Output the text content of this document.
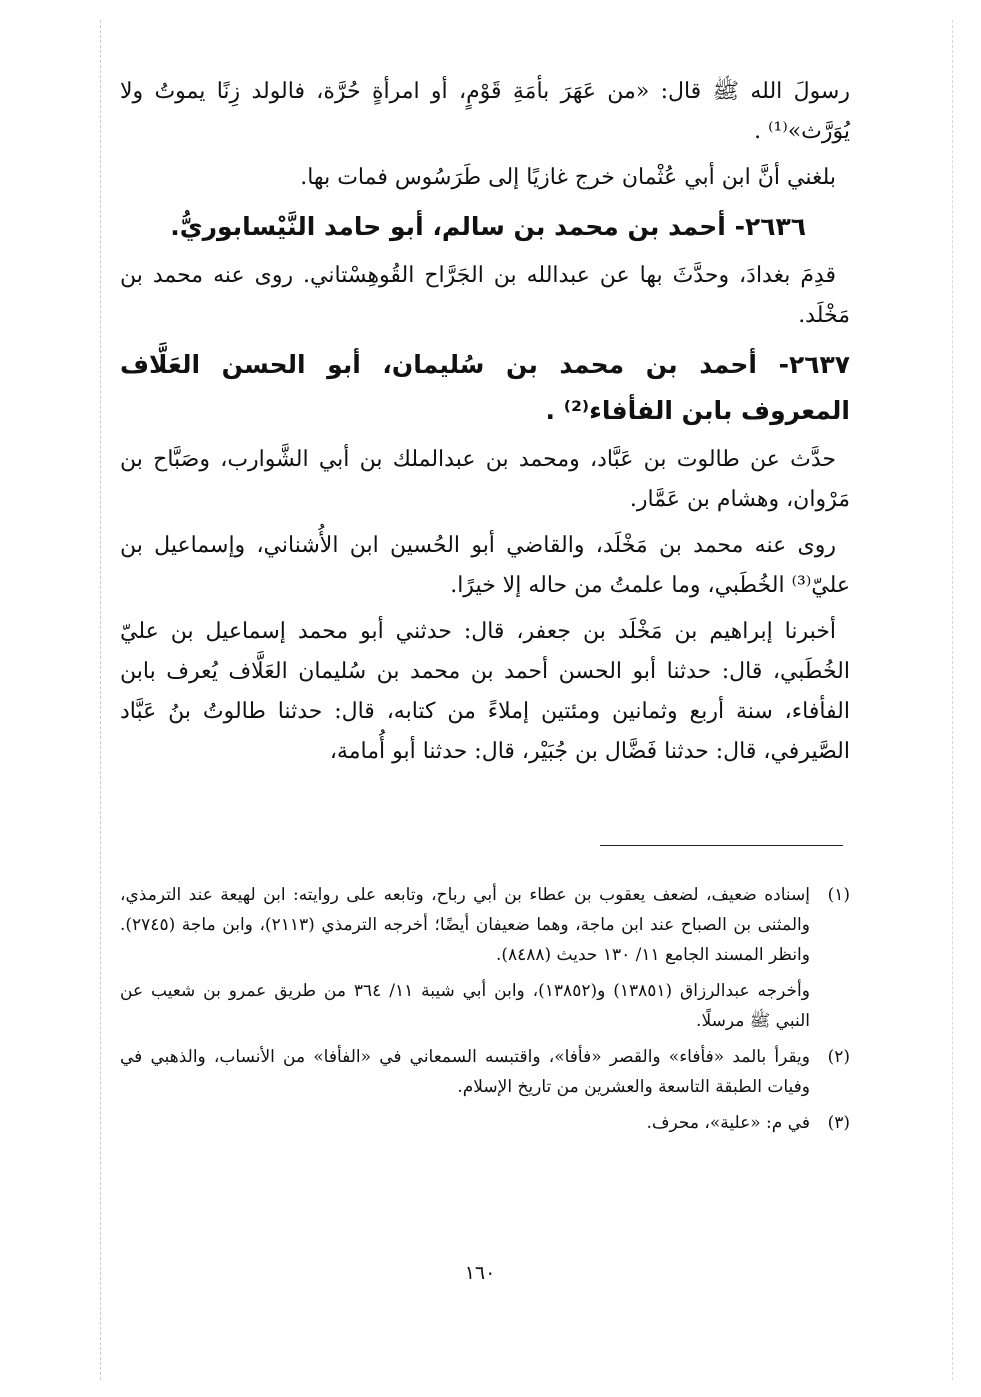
رسولَ الله ﷺ قال: «من عَهَرَ بأمَةِ قَوْمٍ، أو امرأةٍ حُرَّة، فالولد زِنًا يموتُ ولا يُوَرَّث»⁽¹⁾ .

بلغني أنَّ ابن أبي عُثْمان خرج غازيًا إلى طَرَسُوس فمات بها.

٢٦٣٦- أحمد بن محمد بن سالم، أبو حامد النَّيْسابوريُّ.

قدِمَ بغدادَ، وحدَّثَ بها عن عبدالله بن الجَرَّاح القُوهِسْتاني. روى عنه محمد بن مَخْلَد.

٢٦٣٧- أحمد بن محمد بن سُليمان، أبو الحسن العَلَّاف المعروف بابن الفأفاء⁽²⁾ .

حدَّث عن طالوت بن عَبَّاد، ومحمد بن عبدالملك بن أبي الشَّوارب، وصَبَّاح بن مَرْوان، وهشام بن عَمَّار.

روى عنه محمد بن مَخْلَد، والقاضي أبو الحُسين ابن الأُشناني، وإسماعيل بن عليّ⁽³⁾ الخُطَبي، وما علمتُ من حاله إلا خيرًا.

أخبرنا إبراهيم بن مَخْلَد بن جعفر، قال: حدثني أبو محمد إسماعيل بن عليّ الخُطَبي، قال: حدثنا أبو الحسن أحمد بن محمد بن سُليمان العَلَّاف يُعرف بابن الفأفاء، سنة أربع وثمانين ومئتين إملاءً من كتابه، قال: حدثنا طالوتُ بنُ عَبَّاد الصَّيرفي، قال: حدثنا فَضَّال بن جُبَيْر، قال: حدثنا أبو أُمامة،

(١)
إسناده ضعيف، لضعف يعقوب بن عطاء بن أبي رباح، وتابعه على روايته: ابن لهيعة عند الترمذي، والمثنى بن الصباح عند ابن ماجة، وهما ضعيفان أيضًا؛ أخرجه الترمذي (٢١١٣)، وابن ماجة (٢٧٤٥). وانظر المسند الجامع ١١/ ١٣٠ حديث (٨٤٨٨).
وأخرجه عبدالرزاق (١٣٨٥١) و(١٣٨٥٢)، وابن أبي شيبة ١١/ ٣٦٤ من طريق عمرو بن شعيب عن النبي ﷺ مرسلًا.
(٢)
ويقرأ بالمد «فأفاء» والقصر «فأفا»، واقتبسه السمعاني في «الفأفا» من الأنساب، والذهبي في وفيات الطبقة التاسعة والعشرين من تاريخ الإسلام.
(٣)
في م: «علية»، محرف.
١٦٠
